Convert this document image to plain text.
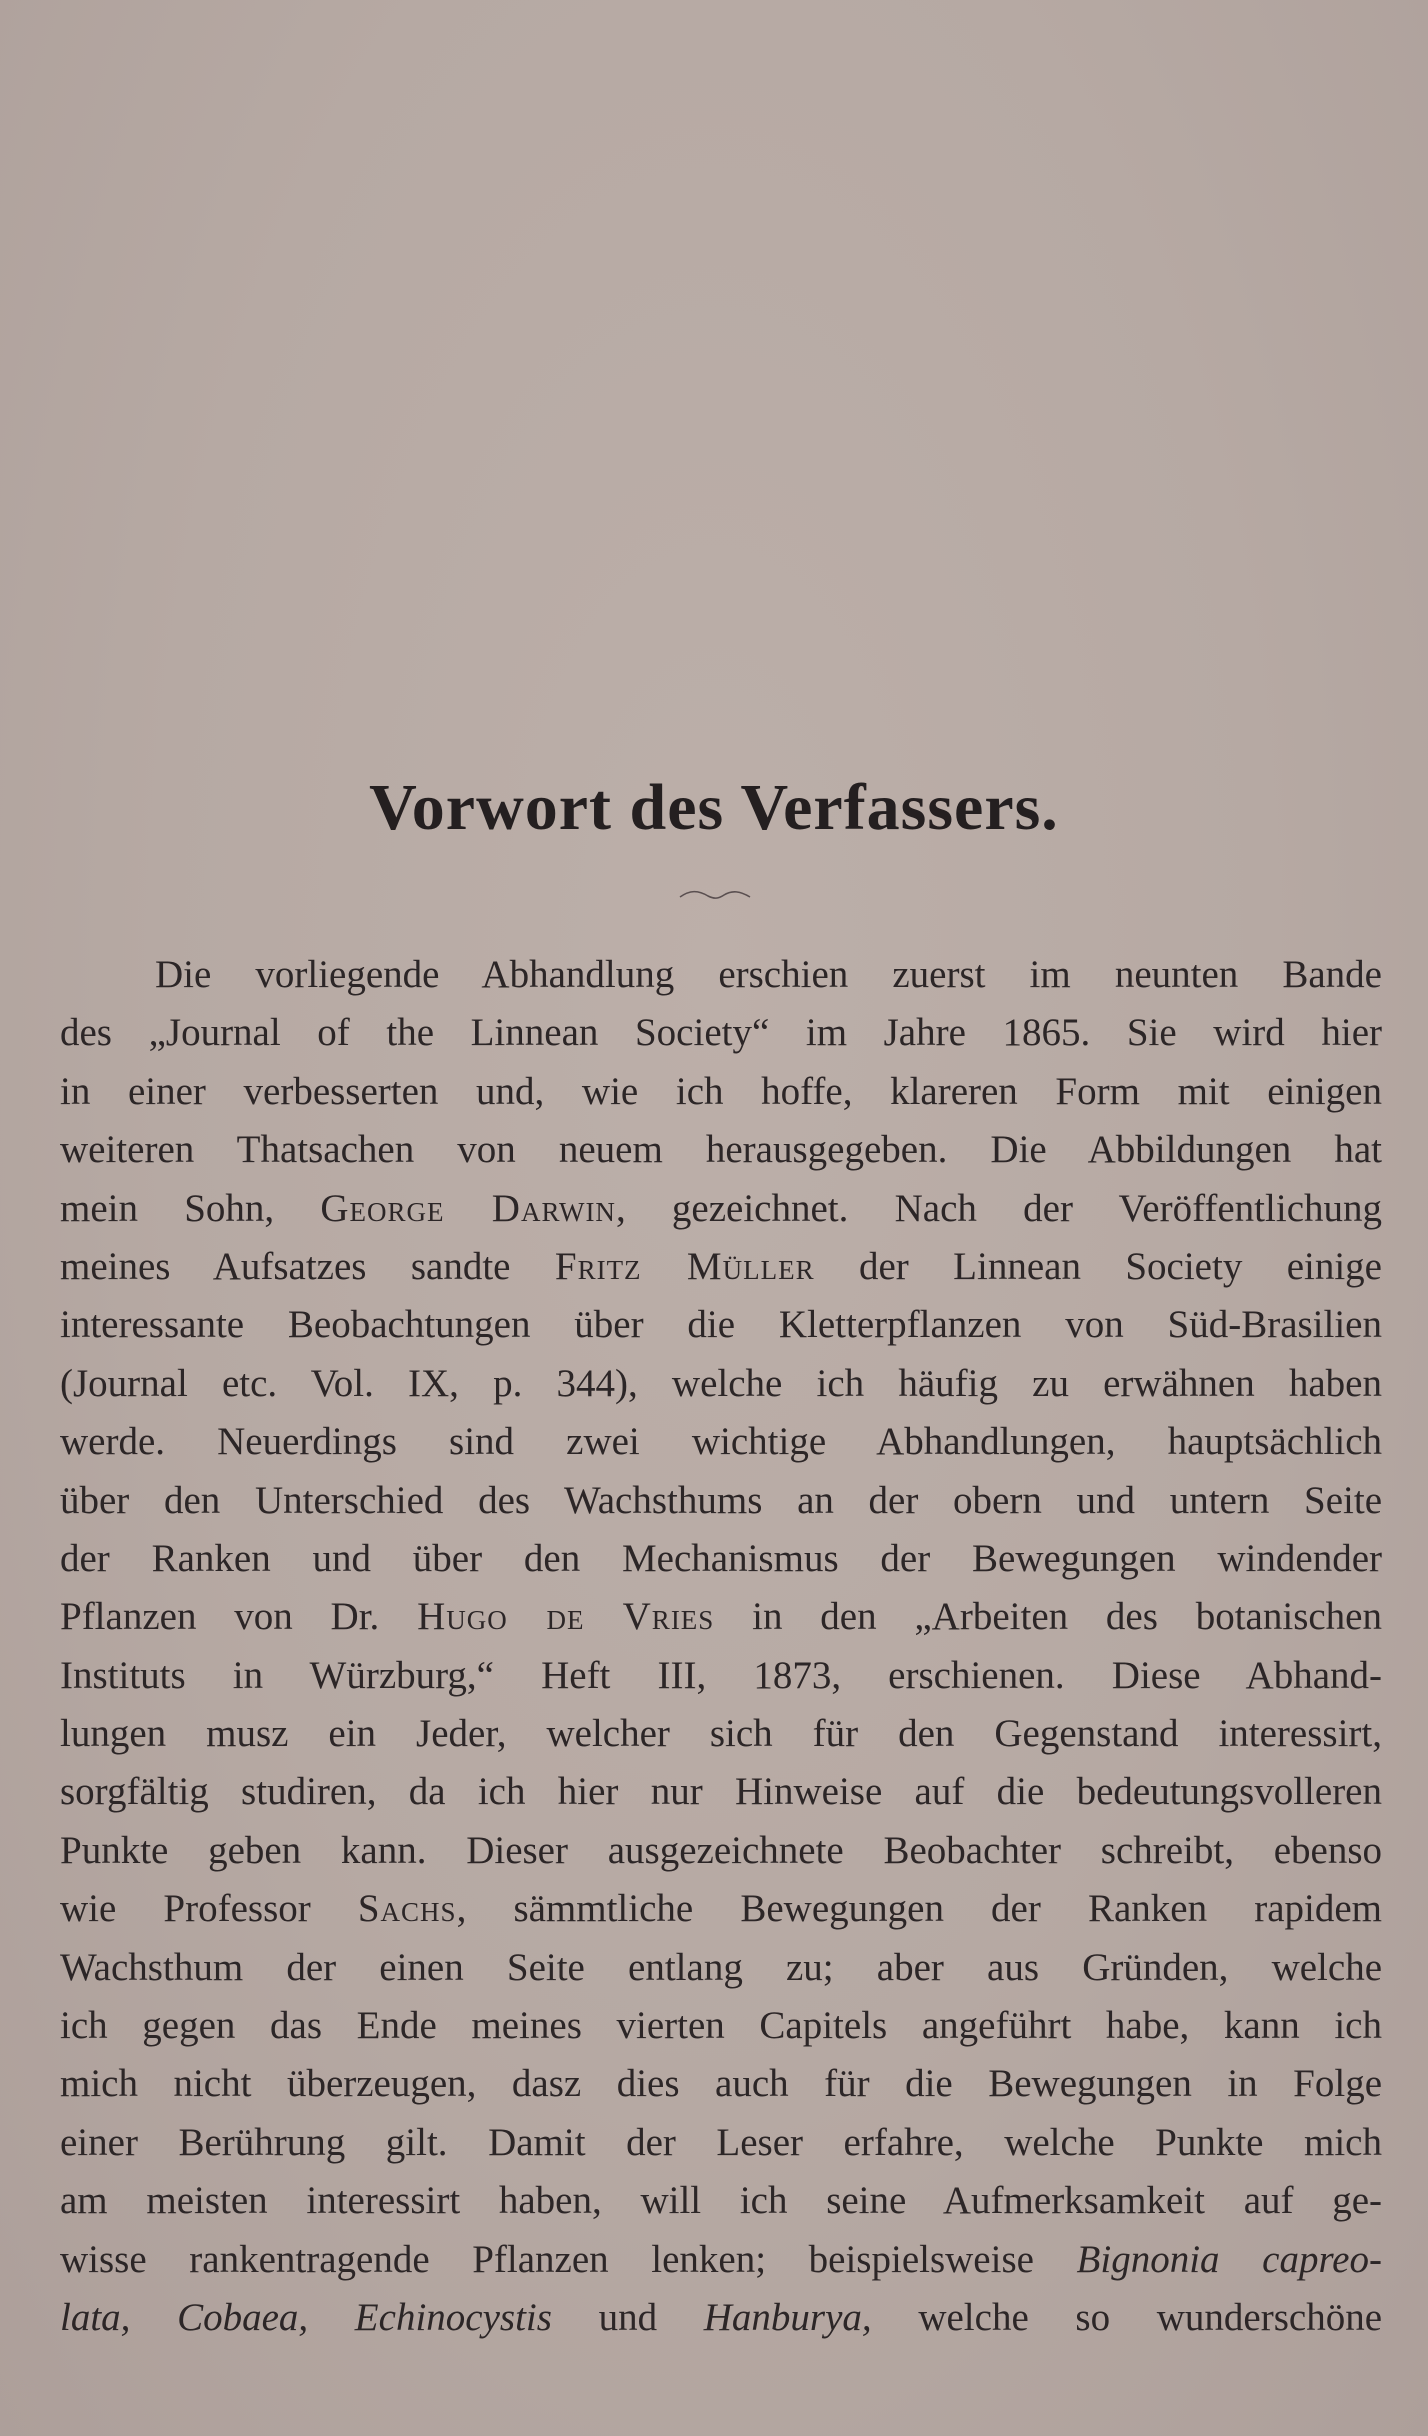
Vorwort des Verfassers.
Die vorliegende Abhandlung erschien zuerst im neunten Bande
des „Journal of the Linnean Society“ im Jahre 1865. Sie wird hier
in einer verbesserten und, wie ich hoffe, klareren Form mit einigen
weiteren Thatsachen von neuem herausgegeben. Die Abbildungen hat
mein Sohn, George Darwin, gezeichnet. Nach der Veröffentlichung
meines Aufsatzes sandte Fritz Müller der Linnean Society einige
interessante Beobachtungen über die Kletterpflanzen von Süd-Brasilien
(Journal etc. Vol. IX, p. 344), welche ich häufig zu erwähnen haben
werde. Neuerdings sind zwei wichtige Abhandlungen, hauptsächlich
über den Unterschied des Wachsthums an der obern und untern Seite
der Ranken und über den Mechanismus der Bewegungen windender
Pflanzen von Dr. Hugo de Vries in den „Arbeiten des botanischen
Instituts in Würzburg,“ Heft III, 1873, erschienen. Diese Abhand-
lungen musz ein Jeder, welcher sich für den Gegenstand interessirt,
sorgfältig studiren, da ich hier nur Hinweise auf die bedeutungsvolleren
Punkte geben kann. Dieser ausgezeichnete Beobachter schreibt, ebenso
wie Professor Sachs, sämmtliche Bewegungen der Ranken rapidem
Wachsthum der einen Seite entlang zu; aber aus Gründen, welche
ich gegen das Ende meines vierten Capitels angeführt habe, kann ich
mich nicht überzeugen, dasz dies auch für die Bewegungen in Folge
einer Berührung gilt. Damit der Leser erfahre, welche Punkte mich
am meisten interessirt haben, will ich seine Aufmerksamkeit auf ge-
wisse rankentragende Pflanzen lenken; beispielsweise Bignonia capreo-
lata, Cobaea, Echinocystis und Hanburya, welche so wunderschöne
